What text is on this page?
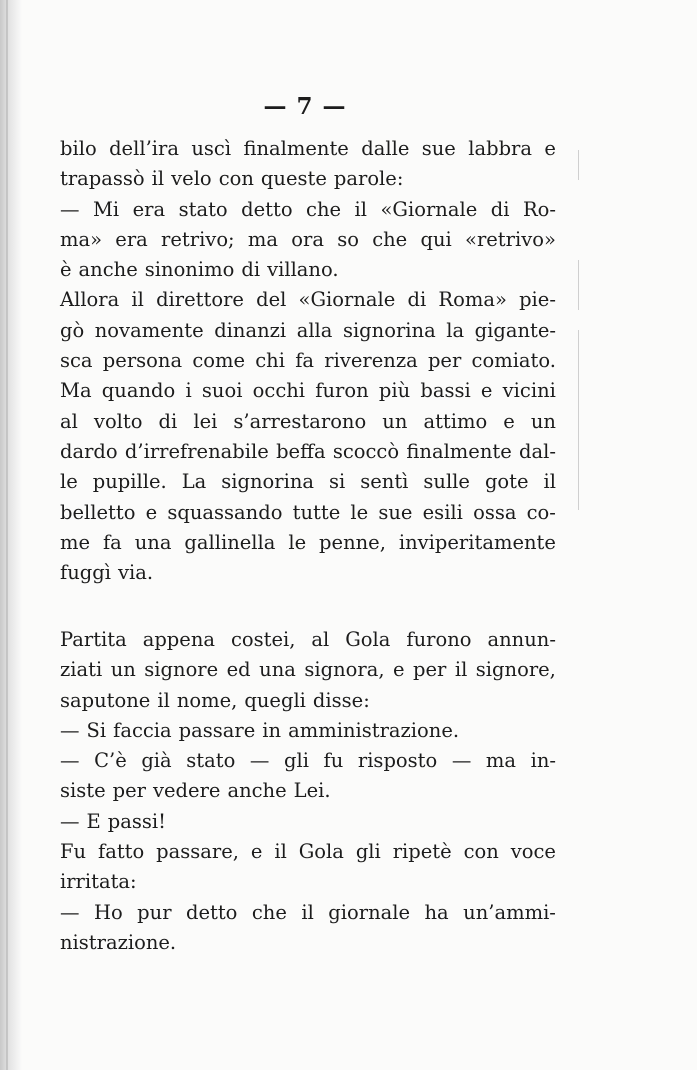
— 7 —
bilo dell’ira uscì finalmente dalle sue labbra e
trapassò il velo con queste parole:
— Mi era stato detto che il «Giornale di Ro-
ma» era retrivo; ma ora so che qui «retrivo»
è anche sinonimo di villano.
Allora il direttore del «Giornale di Roma» pie-
gò novamente dinanzi alla signorina la gigante-
sca persona come chi fa riverenza per comiato.
Ma quando i suoi occhi furon più bassi e vicini
al volto di lei s’arrestarono un attimo e un
dardo d’irrefrenabile beffa scoccò finalmente dal-
le pupille. La signorina si sentì sulle gote il
belletto e squassando tutte le sue esili ossa co-
me fa una gallinella le penne, inviperitamente
fuggì via.
Partita appena costei, al Gola furono annun-
ziati un signore ed una signora, e per il signore,
saputone il nome, quegli disse:
— Si faccia passare in amministrazione.
— C’è già stato — gli fu risposto — ma in-
siste per vedere anche Lei.
— E passi!
Fu fatto passare, e il Gola gli ripetè con voce
irritata:
— Ho pur detto che il giornale ha un’ammi-
nistrazione.
